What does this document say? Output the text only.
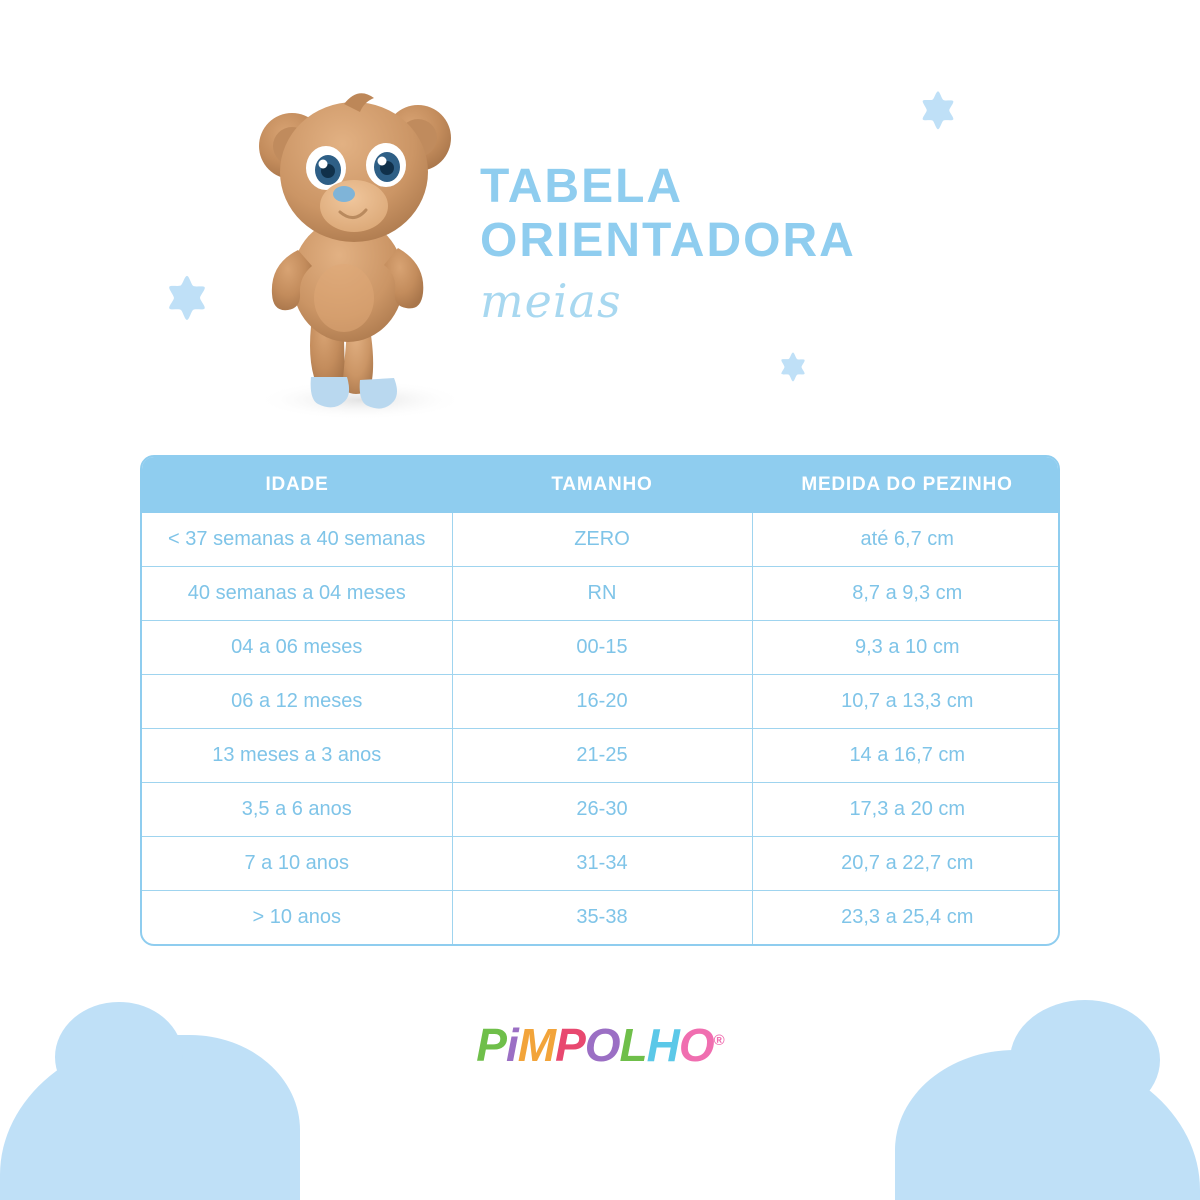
TABELA
ORIENTADORA
meias
IDADE	TAMANHO	MEDIDA DO PEZINHO
< 37 semanas a 40 semanas	ZERO	até 6,7 cm
40 semanas a 04 meses	RN	8,7 a 9,3 cm
04 a 06 meses	00-15	9,3 a 10 cm
06 a 12 meses	16-20	10,7 a 13,3 cm
13 meses a 3 anos	21-25	14 a 16,7 cm
3,5 a 6 anos	26-30	17,3 a 20 cm
7 a 10 anos	31-34	20,7 a 22,7 cm
> 10 anos	35-38	23,3 a 25,4 cm
PiMPOLHO®
